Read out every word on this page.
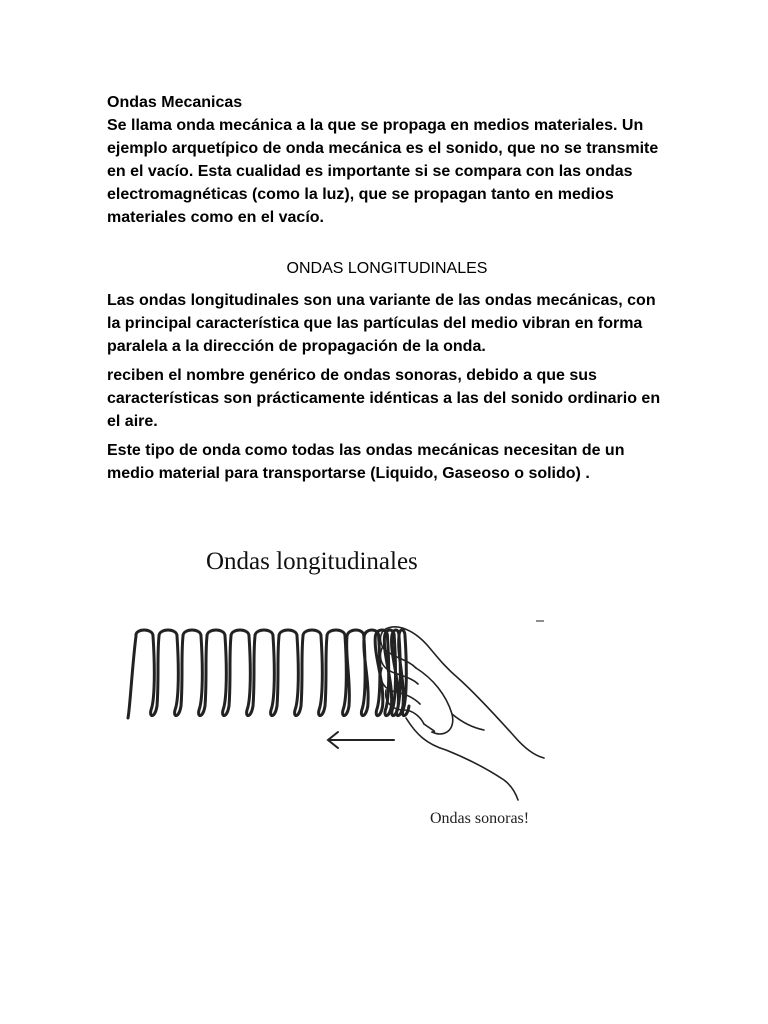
Ondas Mecanicas

Se llama onda mecánica a la que se propaga en medios materiales. Un ejemplo arquetípico de onda mecánica es el sonido, que no se transmite en el vacío. Esta cualidad es importante si se compara con las ondas electromagnéticas (como la luz), que se propagan tanto en medios materiales como en el vacío.

ONDAS LONGITUDINALES

Las ondas longitudinales son una variante de las ondas mecánicas, con la principal característica que las partículas del medio vibran en forma paralela a la dirección de propagación de la onda.

reciben el nombre genérico de ondas sonoras, debido a que sus características son prácticamente idénticas a las del sonido ordinario en el aire.

Este tipo de onda como todas las ondas mecánicas necesitan de un medio material para transportarse (Liquido, Gaseoso o solido) .

Ondas longitudinales
Ondas sonoras!
